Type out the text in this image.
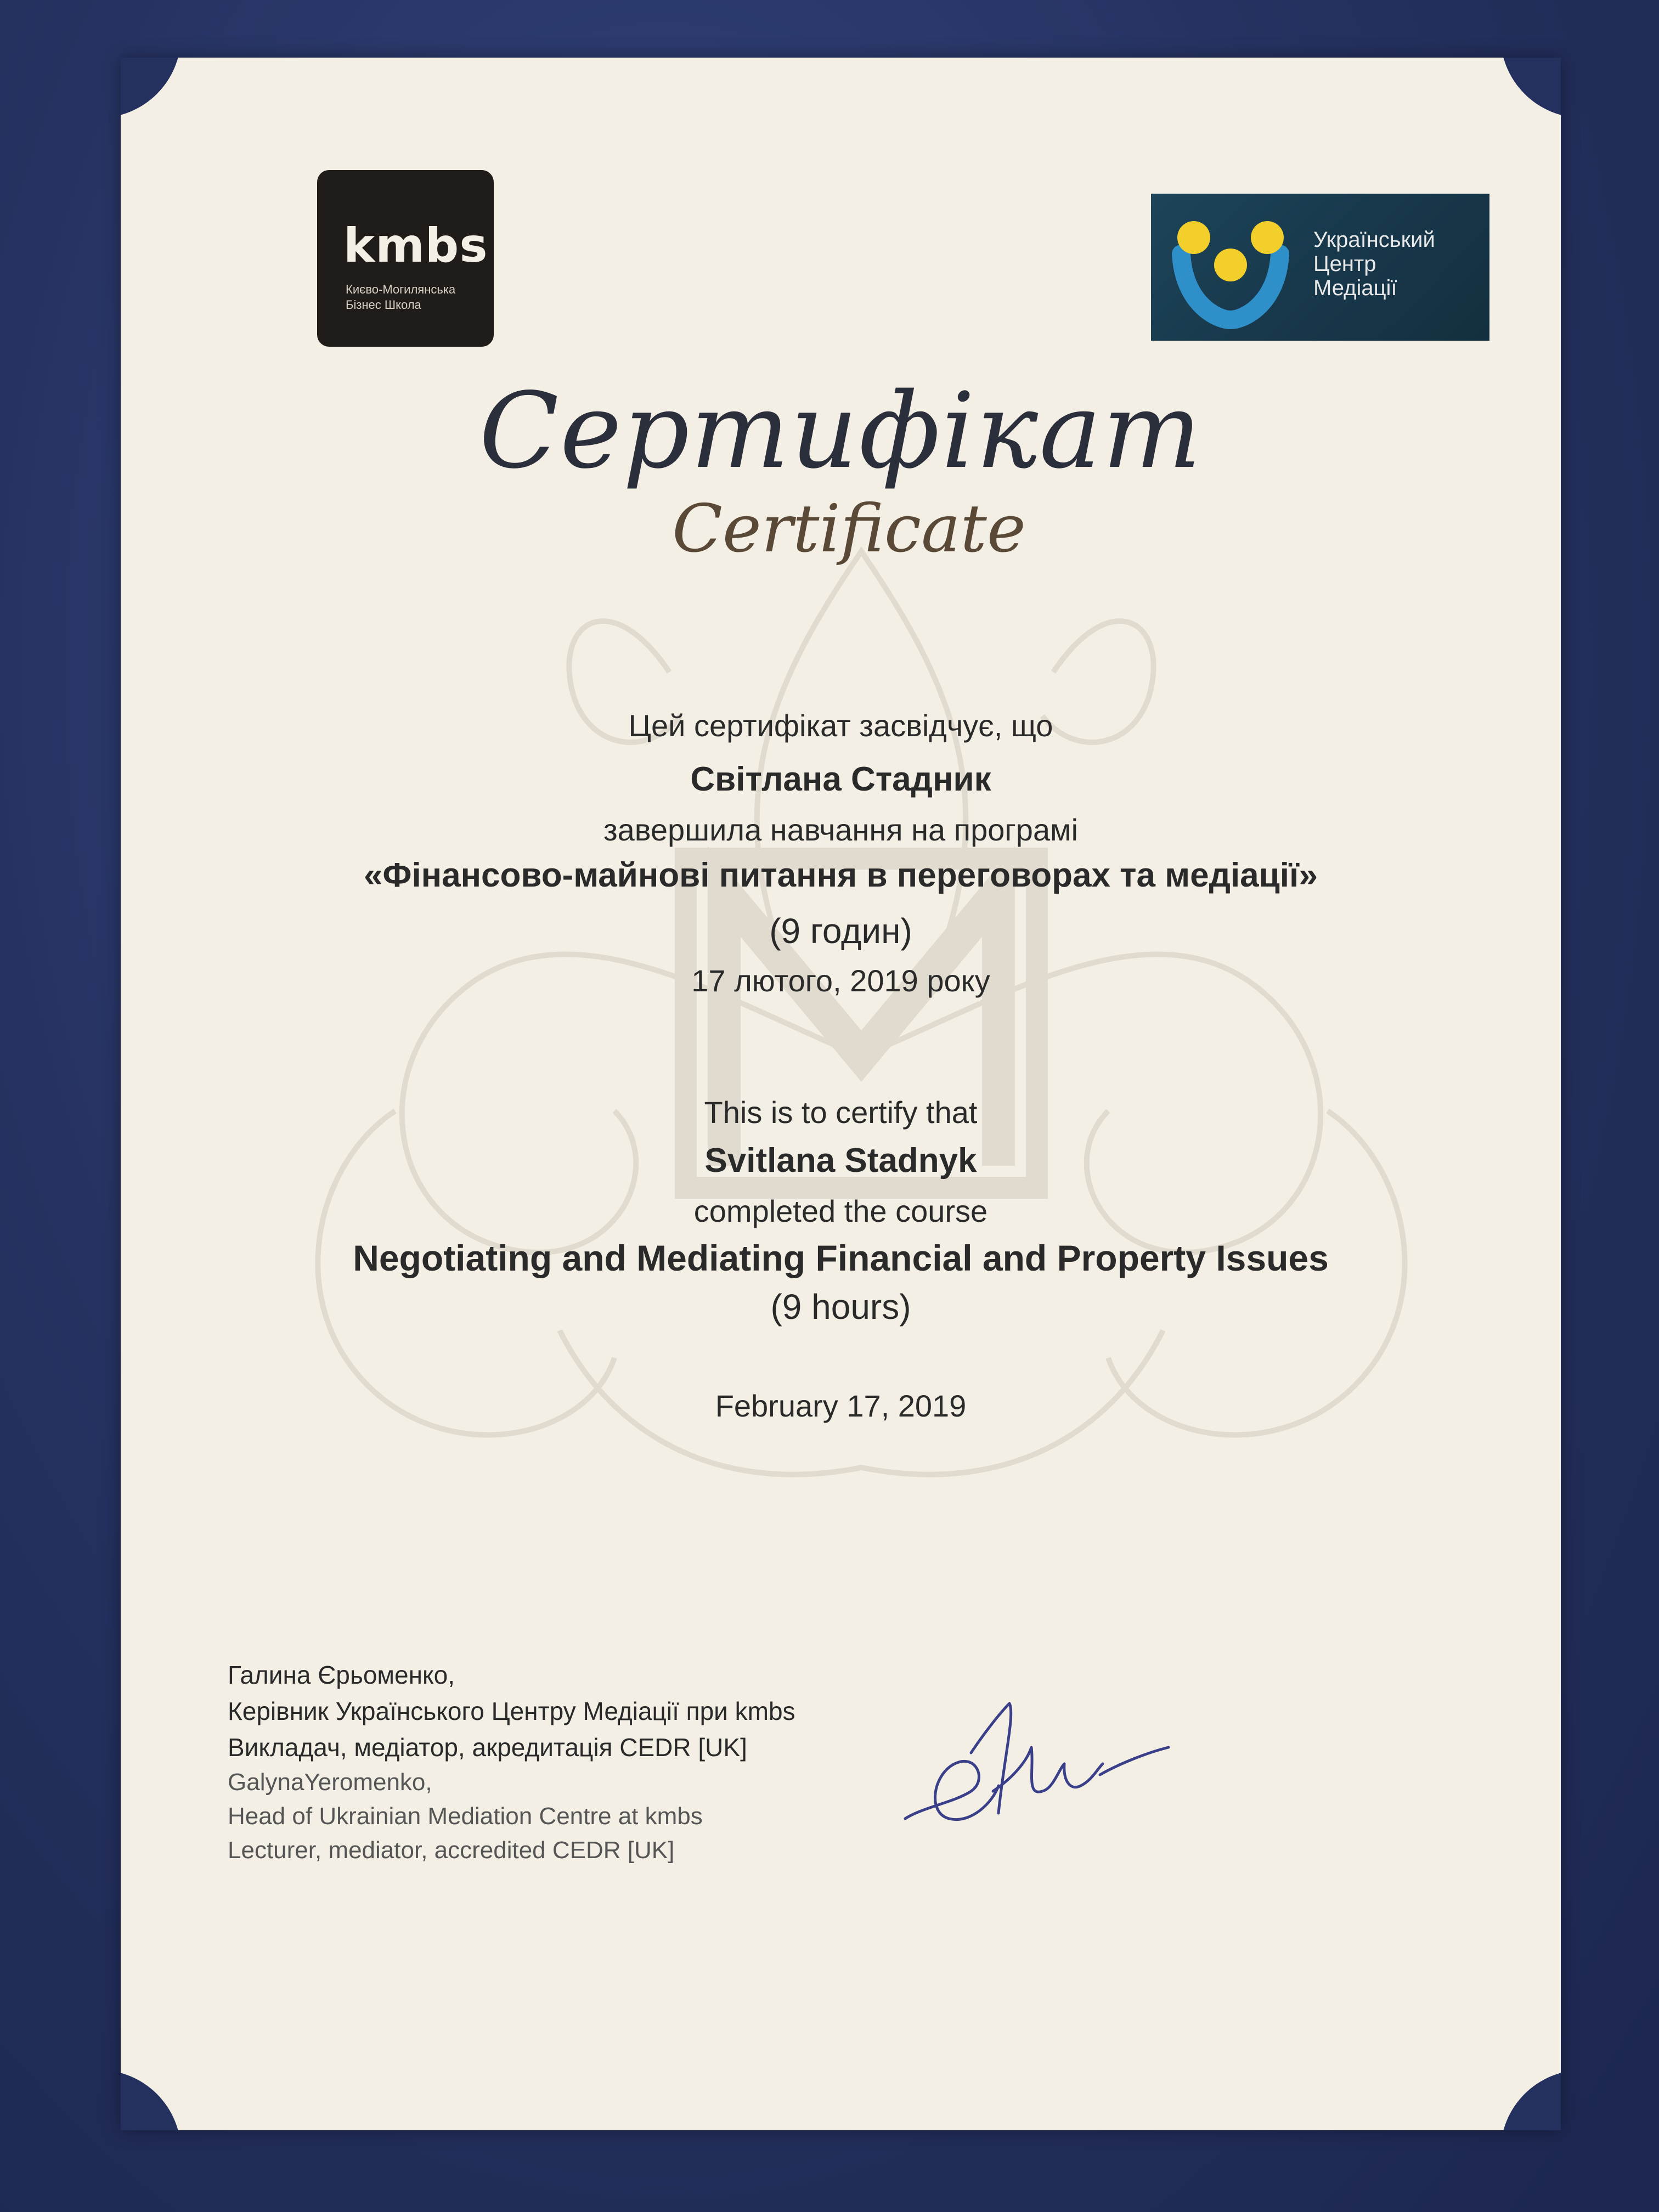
kmbs
Києво-Могилянська
Бізнес Школа
Український
Центр
Медіації
Сертифікат
Certificate
Цей сертифікат засвідчує, що
Світлана Стадник
завершила навчання на програмі
«Фінансово-майнові питання в переговорах та медіації»
(9 годин)
17 лютого, 2019 року
This is to certify that
Svitlana Stadnyk
completed the course
Negotiating and Mediating Financial and Property Issues
(9 hours)
February 17, 2019
Галина Єрьоменко,
Керівник Українського Центру Медіації при kmbs
Викладач, медіатор, акредитація CEDR [UK]
GalynaYeromenko,
Head of Ukrainian Mediation Centre at kmbs
Lecturer, mediator, accredited CEDR [UK]
